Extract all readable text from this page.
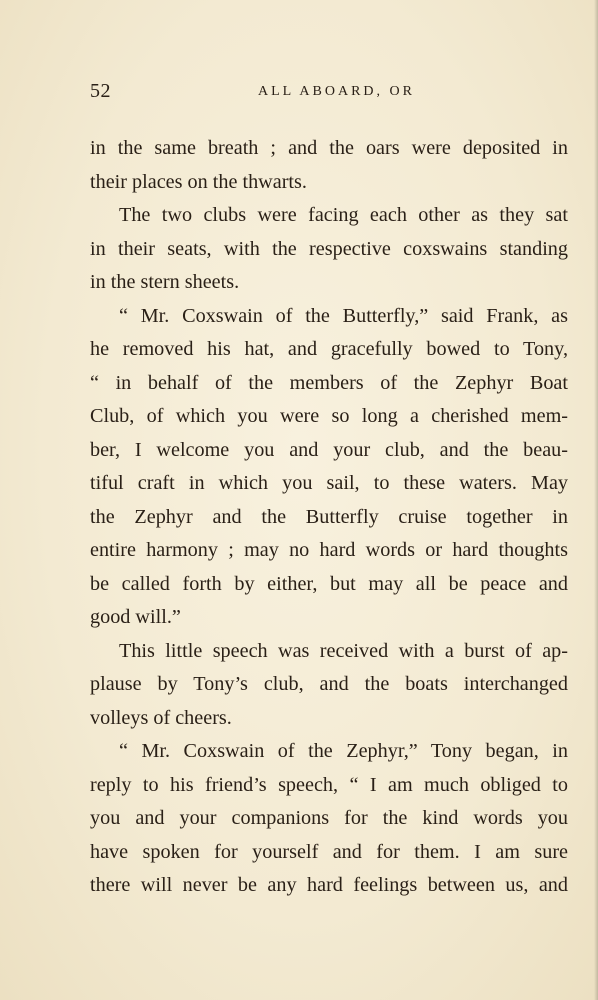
52	ALL ABOARD, OR
in the same breath ; and the oars were deposited in
their places on the thwarts.
The two clubs were facing each other as they sat
in their seats, with the respective coxswains standing
in the stern sheets.
“ Mr. Coxswain of the Butterfly,” said Frank, as
he removed his hat, and gracefully bowed to Tony,
“ in behalf of the members of the Zephyr Boat
Club, of which you were so long a cherished mem-
ber, I welcome you and your club, and the beau-
tiful craft in which you sail, to these waters. May
the Zephyr and the Butterfly cruise together in
entire harmony ; may no hard words or hard thoughts
be called forth by either, but may all be peace and
good will.”
This little speech was received with a burst of ap-
plause by Tony’s club, and the boats interchanged
volleys of cheers.
“ Mr. Coxswain of the Zephyr,” Tony began, in
reply to his friend’s speech, “ I am much obliged to
you and your companions for the kind words you
have spoken for yourself and for them. I am sure
there will never be any hard feelings between us, and
